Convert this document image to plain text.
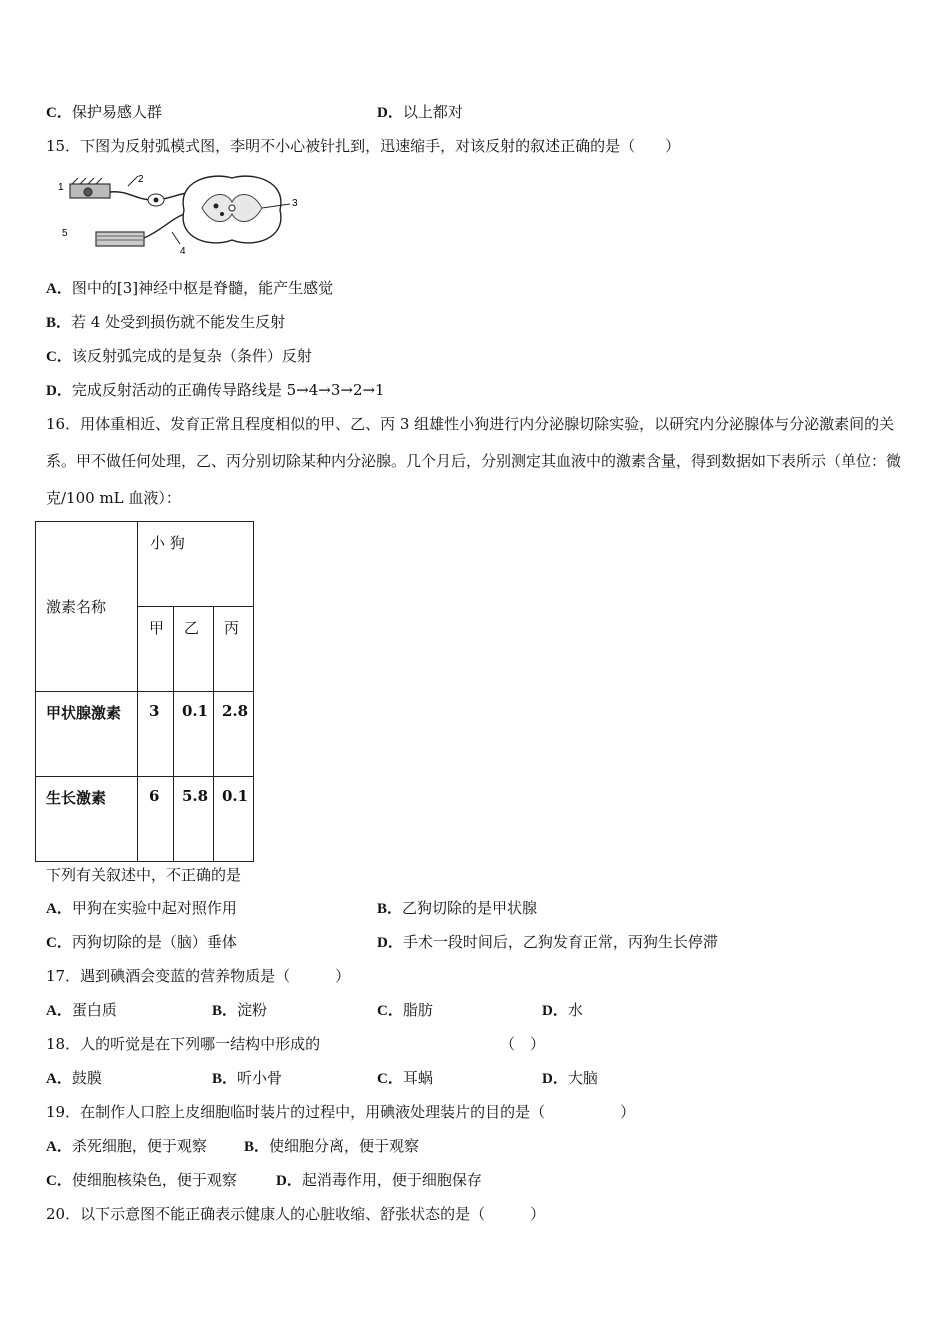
C．保护易感人群	D．以上都对
15．下图为反射弧模式图，李明不小心被针扎到，迅速缩手，对该反射的叙述正确的是（　　）
1
2
3
4
5
A．图中的[3]神经中枢是脊髓，能产生感觉
B．若 4 处受到损伤就不能发生反射
C．该反射弧完成的是复杂（条件）反射
D．完成反射活动的正确传导路线是 5→4→3→2→1
16．用体重相近、发育正常且程度相似的甲、乙、丙 3 组雄性小狗进行内分泌腺切除实验，以研究内分泌腺体与分泌激素间的关系。甲不做任何处理，乙、丙分别切除某种内分泌腺。几个月后，分别测定其血液中的激素含量，得到数据如下表所示（单位：微克/100 mL 血液）：
激素名称	小 狗		
	甲	乙	丙
甲状腺激素	3	0.1	2.8
生长激素	6	5.8	0.1
下列有关叙述中，不正确的是
A．甲狗在实验中起对照作用	B．乙狗切除的是甲状腺
C．丙狗切除的是（脑）垂体	D．手术一段时间后，乙狗发育正常，丙狗生长停滞
17．遇到碘酒会变蓝的营养物质是（　　　）
A．蛋白质	B．淀粉	C．脂肪	D．水
18．人的听觉是在下列哪一结构中形成的	（　）
A．鼓膜	B．听小骨	C．耳蜗	D．大脑
19．在制作人口腔上皮细胞临时装片的过程中，用碘液处理装片的目的是（　　　　　）
A．杀死细胞，便于观察 B．使细胞分离，便于观察
C．使细胞核染色，便于观察	D．起消毒作用，便于细胞保存
20．以下示意图不能正确表示健康人的心脏收缩、舒张状态的是（　　　）
